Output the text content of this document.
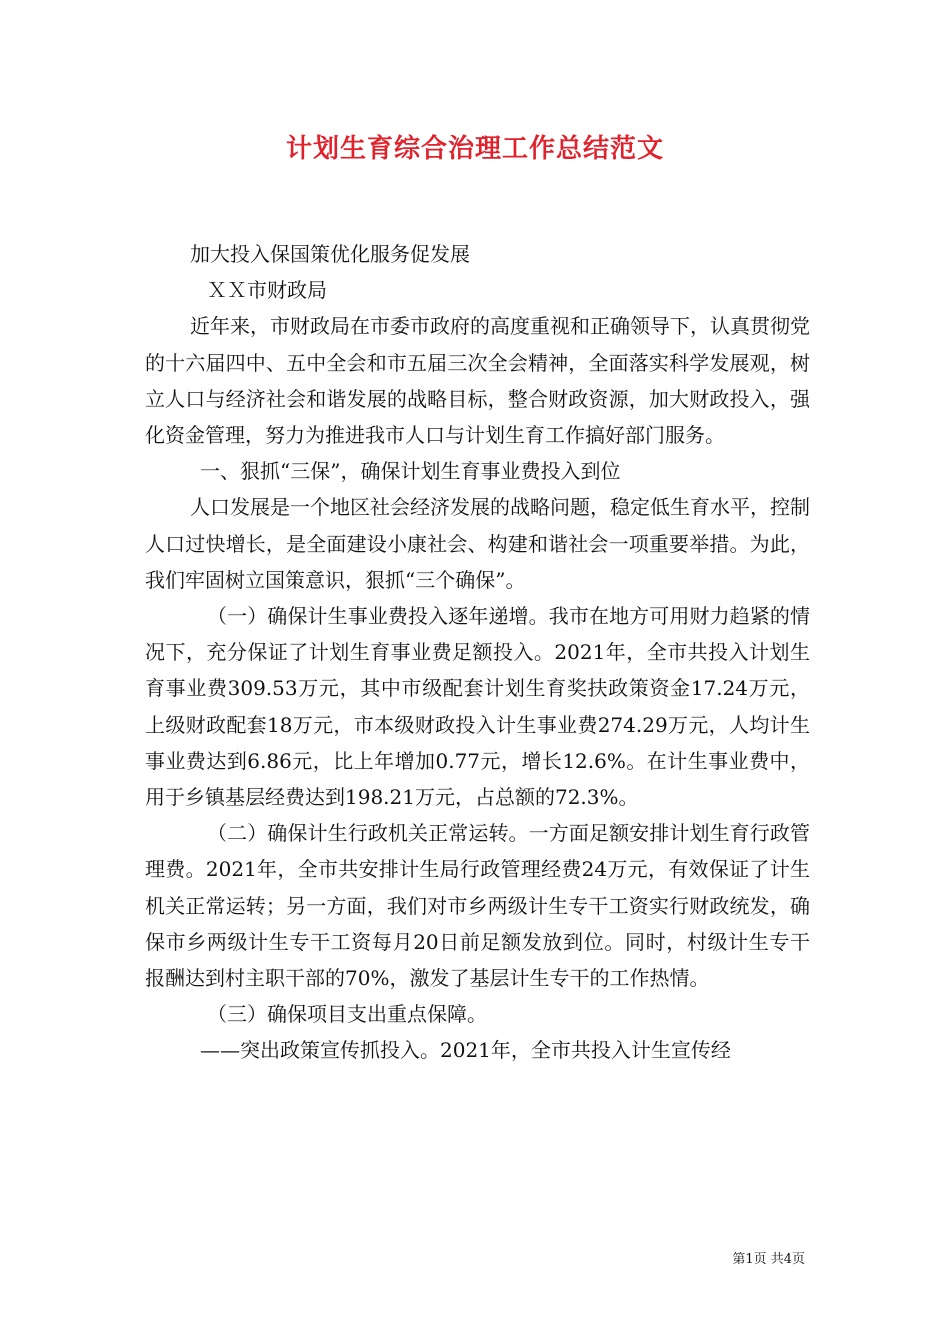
计划生育综合治理工作总结范文

加大投入保国策优化服务促发展

ＸＸ市财政局

近年来，市财政局在市委市政府的高度重视和正确领导下，认真贯彻党的十六届四中、五中全会和市五届三次全会精神，全面落实科学发展观，树立人口与经济社会和谐发展的战略目标，整合财政资源，加大财政投入，强化资金管理，努力为推进我市人口与计划生育工作搞好部门服务。

一、狠抓“三保”，确保计划生育事业费投入到位

人口发展是一个地区社会经济发展的战略问题，稳定低生育水平，控制人口过快增长，是全面建设小康社会、构建和谐社会一项重要举措。为此，我们牢固树立国策意识，狠抓“三个确保”。

（一）确保计生事业费投入逐年递增。我市在地方可用财力趋紧的情况下，充分保证了计划生育事业费足额投入。2021年，全市共投入计划生育事业费309.53万元，其中市级配套计划生育奖扶政策资金17.24万元，上级财政配套18万元，市本级财政投入计生事业费274.29万元，人均计生事业费达到6.86元，比上年增加0.77元，增长12.6%。在计生事业费中，用于乡镇基层经费达到198.21万元，占总额的72.3%。

（二）确保计生行政机关正常运转。一方面足额安排计划生育行政管理费。2021年，全市共安排计生局行政管理经费24万元，有效保证了计生机关正常运转；另一方面，我们对市乡两级计生专干工资实行财政统发，确保市乡两级计生专干工资每月20日前足额发放到位。同时，村级计生专干报酬达到村主职干部的70%，激发了基层计生专干的工作热情。

（三）确保项目支出重点保障。

——突出政策宣传抓投入。2021年，全市共投入计生宣传经

第1页 共4页
